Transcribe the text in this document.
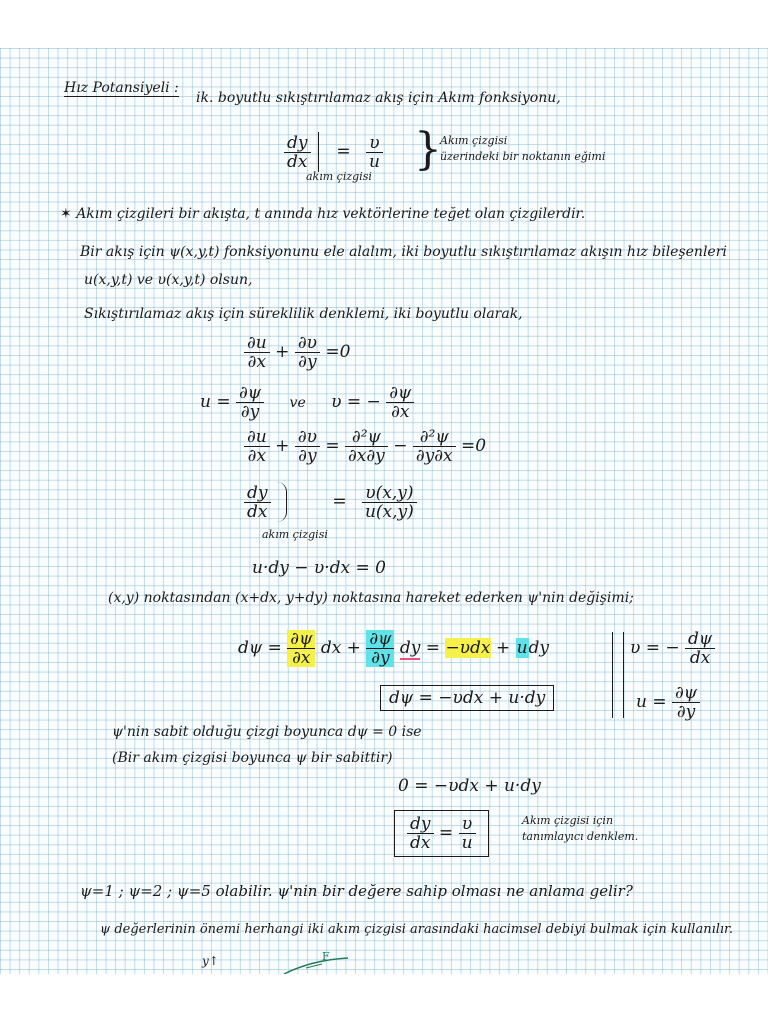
Hız Potansiyeli :
ik. boyutlu sıkıştırılamaz akış için Akım fonksiyonu,
$\frac{dy}{dx} = \frac{\upsilon}{u}$
akım çizgisi
}
Akım çizgisi
üzerindeki bir noktanın eğimi
✶ Akım çizgileri bir akışta, t anında hız vektörlerine teğet olan çizgilerdir.
Bir akış için ψ(x,y,t) fonksiyonunu ele alalım, iki boyutlu sıkıştırılamaz akışın hız bileşenleri
u(x,y,t) ve υ(x,y,t) olsun,
Sıkıştırılamaz akış için süreklilik denklemi, iki boyutlu olarak,
$\frac{\partial u}{\partial x} + \frac{\partial\upsilon}{\partial y} =0$
$u = \frac{\partial\psi}{\partial y}$ ve υ = − $\frac{\partial\psi}{\partial x}$
$\frac{\partial u}{\partial x} + \frac{\partial\upsilon}{\partial y} = \frac{\text{∂²ψ}}{\partial x\partial y} - \frac{\text{∂²ψ}}{\partial y\partial x} =0$
$\frac{dy}{dx}$	= $\frac{\upsilon(x,y)}{u(x,y)}$
akım çizgisi
u·dy − υ·dx = 0
(x,y) noktasından (x+dx, y+dy) noktasına hareket ederken ψ'nin değişimi;
$d\psi = \frac{\partial\psi}{\partial x}$ dx + $\frac{\partial\psi}{\partial y}$ dy = −υdx + udy
dψ = −υdx + u·dy
υ = − $\frac{d\psi}{dx}$
$u = \frac{\partial\psi}{\partial y}$
ψ'nin sabit olduğu çizgi boyunca dψ = 0 ise
(Bir akım çizgisi boyunca ψ bir sabittir)
0 = −υdx + u·dy
$\frac{dy}{dx} = \frac{\upsilon}{u}$	Akım çizgisi için
tanımlayıcı denklem.
ψ=1 ; ψ=2 ; ψ=5 olabilir. ψ'nin bir değere sahip olması ne anlama gelir?
ψ değerlerinin önemi herhangi iki akım çizgisi arasındaki hacimsel debiyi bulmak için kullanılır.
y↑	F
